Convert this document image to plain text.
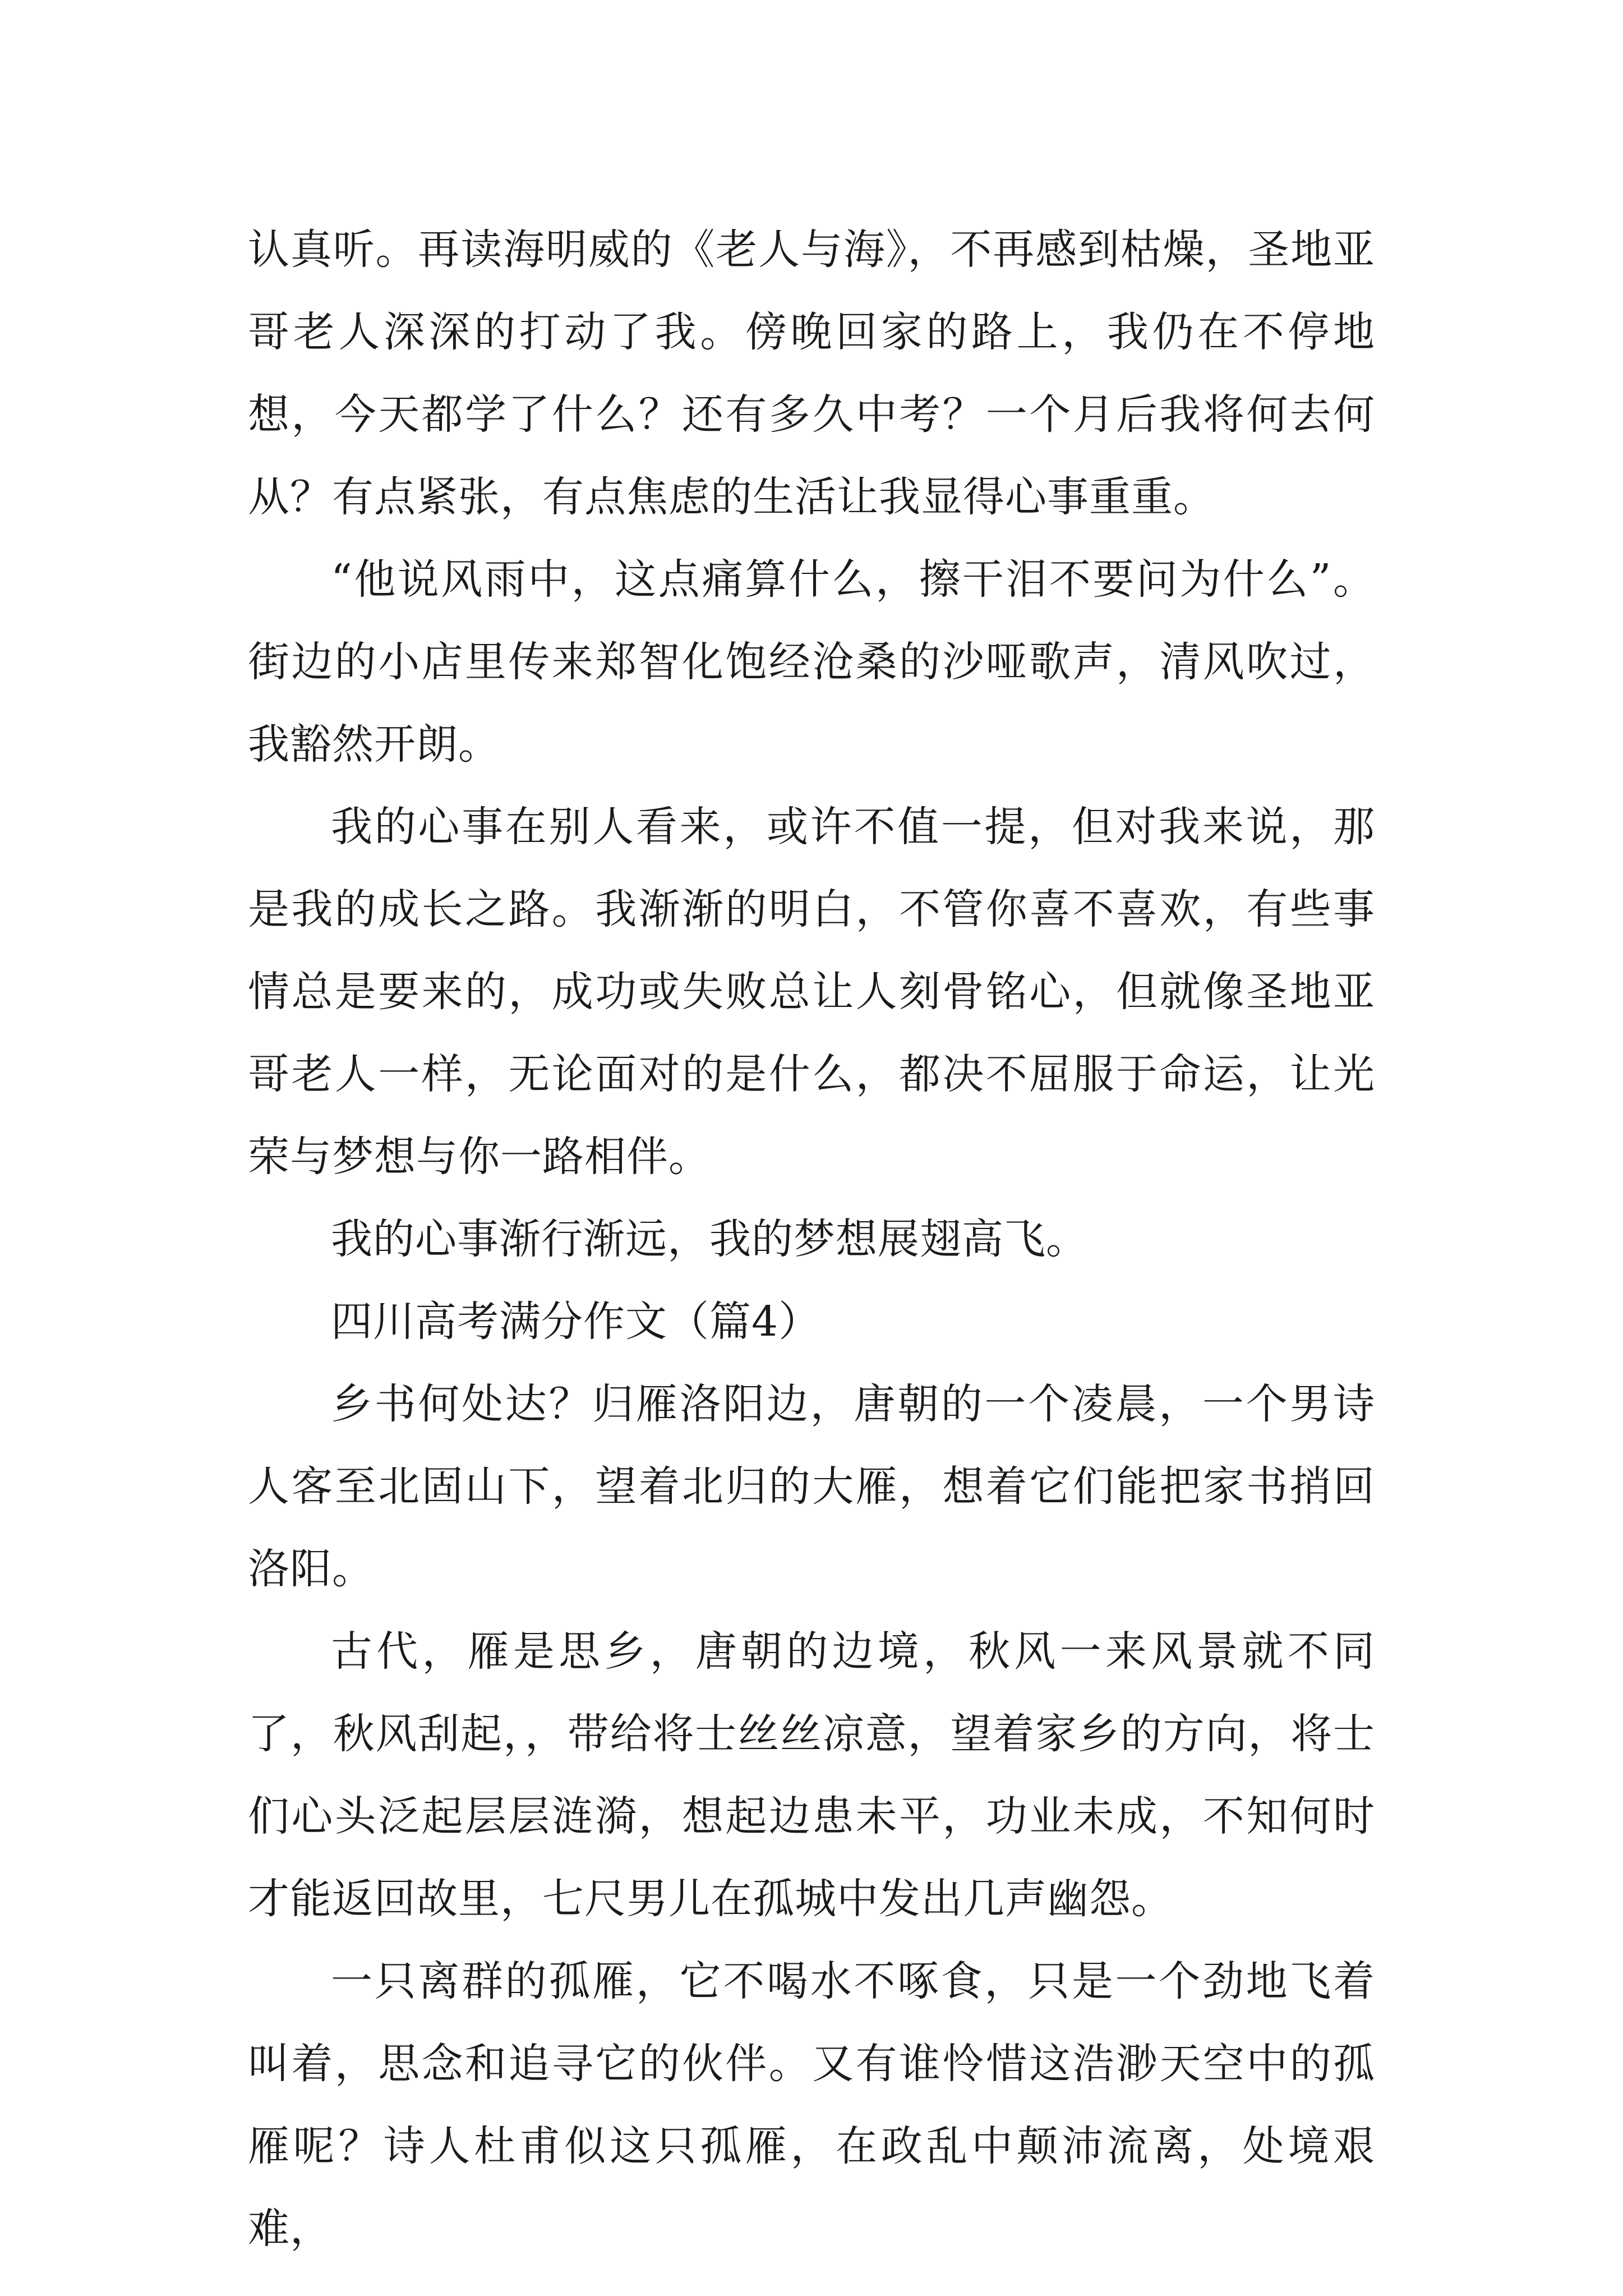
认真听。再读海明威的《老人与海》，不再感到枯燥，圣地亚哥老人深深的打动了我。傍晚回家的路上，我仍在不停地想，今天都学了什么？还有多久中考？一个月后我将何去何从？有点紧张，有点焦虑的生活让我显得心事重重。

“他说风雨中，这点痛算什么，擦干泪不要问为什么”。街边的小店里传来郑智化饱经沧桑的沙哑歌声，清风吹过，我豁然开朗。

我的心事在别人看来，或许不值一提，但对我来说，那是我的成长之路。我渐渐的明白，不管你喜不喜欢，有些事情总是要来的，成功或失败总让人刻骨铭心，但就像圣地亚哥老人一样，无论面对的是什么，都决不屈服于命运，让光荣与梦想与你一路相伴。

我的心事渐行渐远，我的梦想展翅高飞。

四川高考满分作文（篇4）

乡书何处达？归雁洛阳边，唐朝的一个凌晨，一个男诗人客至北固山下，望着北归的大雁，想着它们能把家书捎回洛阳。

古代，雁是思乡，唐朝的边境，秋风一来风景就不同了，秋风刮起，，带给将士丝丝凉意，望着家乡的方向，将士们心头泛起层层涟漪，想起边患未平，功业未成，不知何时才能返回故里，七尺男儿在孤城中发出几声幽怨。

一只离群的孤雁，它不喝水不啄食，只是一个劲地飞着叫着，思念和追寻它的伙伴。又有谁怜惜这浩渺天空中的孤雁呢？诗人杜甫似这只孤雁，在政乱中颠沛流离，处境艰难，
